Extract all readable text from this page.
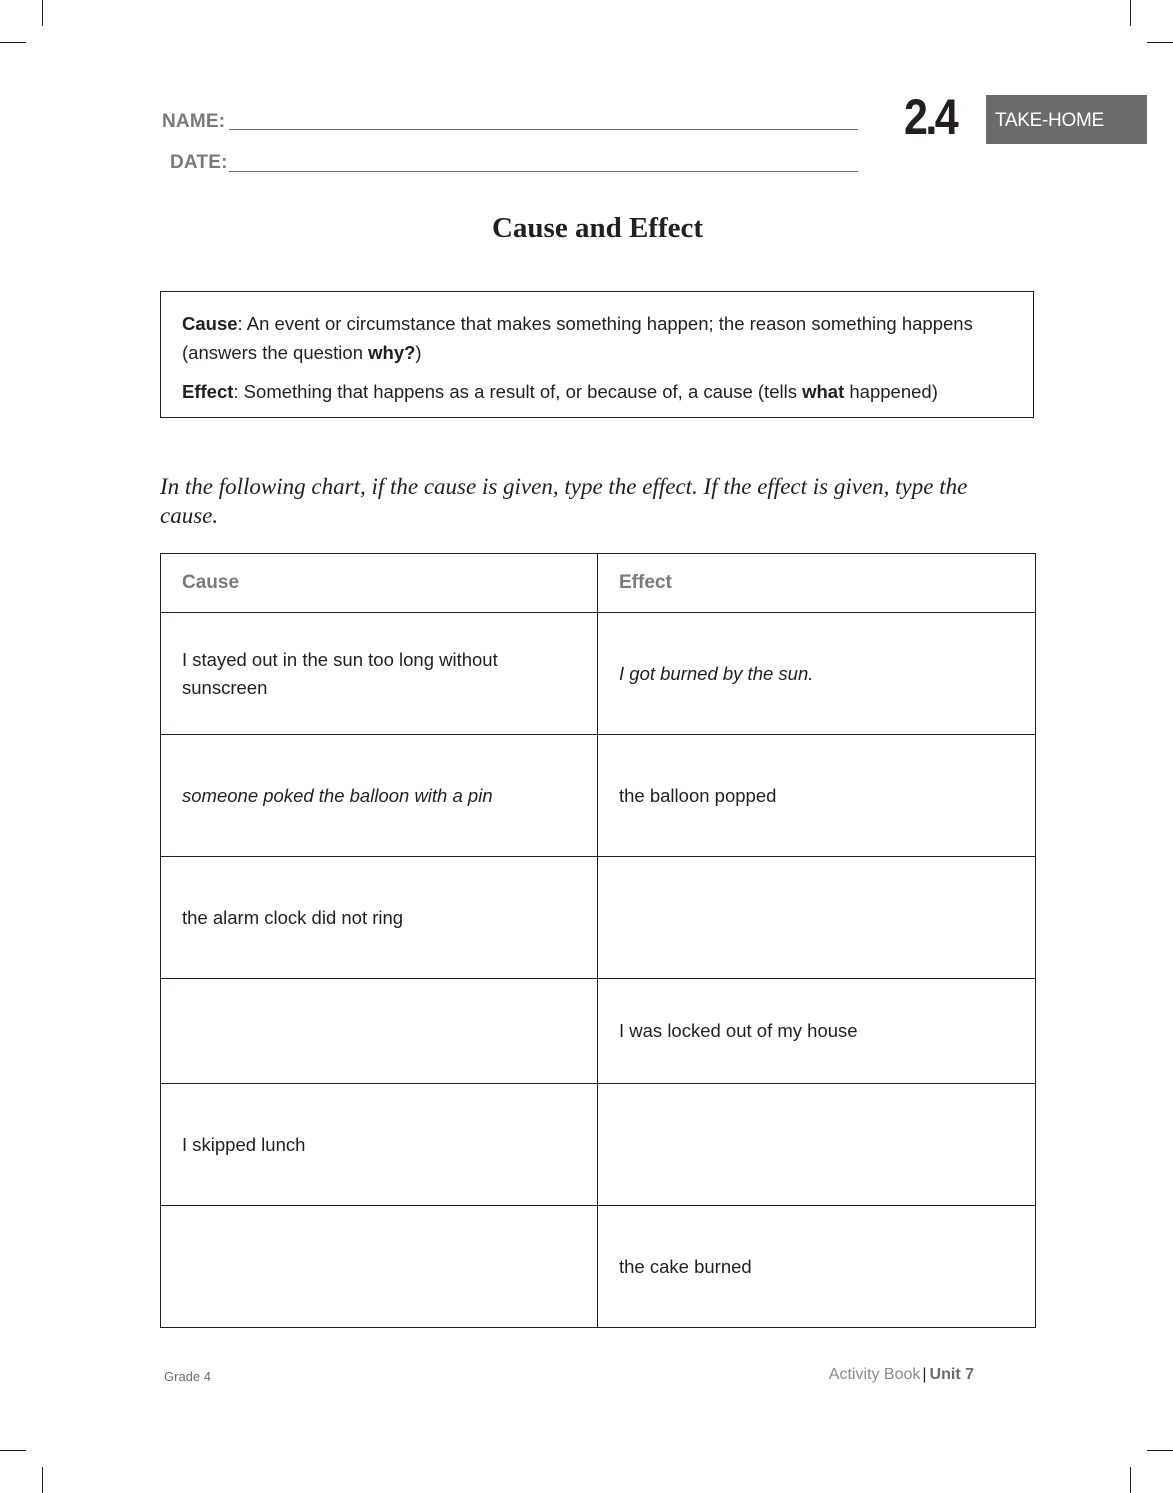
NAME:
DATE:
2.4	TAKE-HOME
Cause and Effect

Cause: An event or circumstance that makes something happen; the reason something happens (answers the question why?)

Effect: Something that happens as a result of, or because of, a cause (tells what happened)

In the following chart, if the cause is given, type the effect. If the effect is given, type the cause.
Cause	Effect
I stayed out in the sun too long without sunscreen	I got burned by the sun.
someone poked the balloon with a pin	the balloon popped
the alarm clock did not ring	
	I was locked out of my house
I skipped lunch	
	the cake burned
Grade 4	Activity Book | Unit 7
